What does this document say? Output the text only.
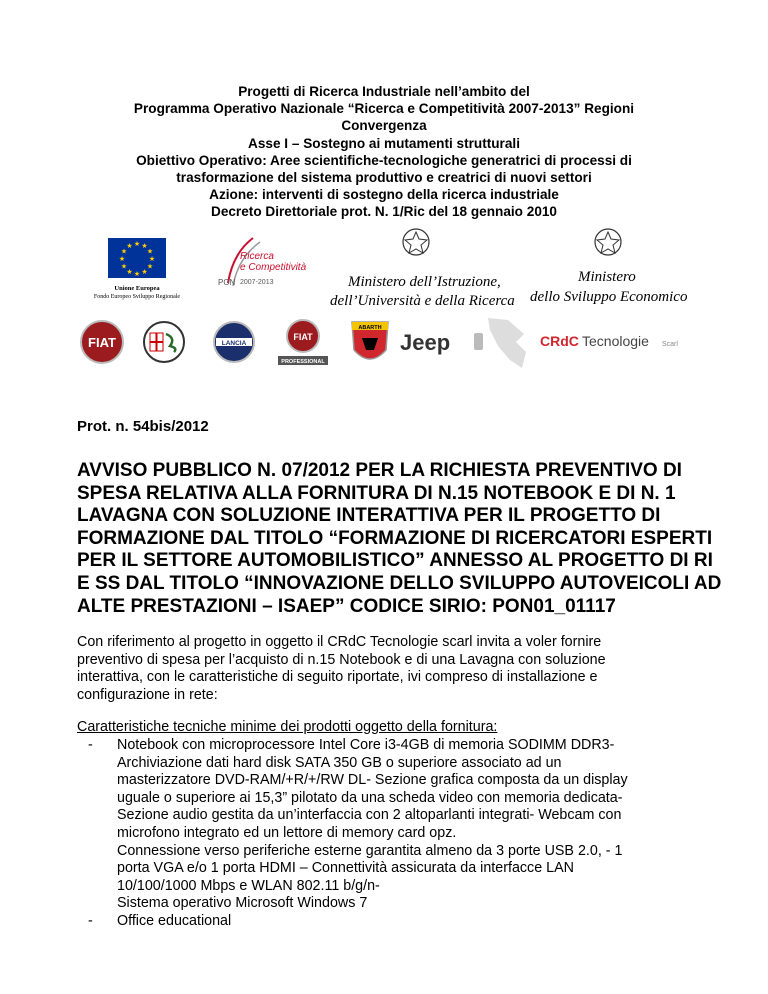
Progetti di Ricerca Industriale nell’ambito del
Programma Operativo Nazionale “Ricerca e Competitività 2007-2013” Regioni
Convergenza
Asse I – Sostegno ai mutamenti strutturali
Obiettivo Operativo: Aree scientifiche-tecnologiche generatrici di processi di
trasformazione del sistema produttivo e creatrici di nuovi settori
Azione: interventi di sostegno della ricerca industriale
Decreto Direttoriale prot. N. 1/Ric del 18 gennaio 2010
★ ★
★
★
★
★
★
★
★
★
★
★
Unione Europea
Fondo Europeo Sviluppo Regionale
Ricerca
e Competitività
PON 2007-2013	Ministero dell’Istruzione,
dell’Università e della Ricerca
Ministero
dello Sviluppo Economico
FIAT	LANCIA
FIAT
PROFESSIONAL
ABARTH
Jeep	CRdC Tecnologie Scarl
Prot. n. 54bis/2012
AVVISO PUBBLICO N. 07/2012 PER LA RICHIESTA PREVENTIVO DI
SPESA RELATIVA ALLA FORNITURA DI N.15 NOTEBOOK E DI N. 1
LAVAGNA CON SOLUZIONE INTERATTIVA PER IL PROGETTO DI
FORMAZIONE DAL TITOLO “FORMAZIONE DI RICERCATORI ESPERTI
PER IL SETTORE AUTOMOBILISTICO” ANNESSO AL PROGETTO DI RI
E SS DAL TITOLO “INNOVAZIONE DELLO SVILUPPO AUTOVEICOLI AD
ALTE PRESTAZIONI – ISAEP” CODICE SIRIO: PON01_01117
Con riferimento al progetto in oggetto il CRdC Tecnologie scarl invita a voler fornire
preventivo di spesa per l’acquisto di n.15 Notebook e di una Lavagna con soluzione
interattiva, con le caratteristiche di seguito riportate, ivi compreso di installazione e
configurazione in rete:
Caratteristiche tecniche minime dei prodotti oggetto della fornitura:
- Notebook con microprocessore Intel Core i3-4GB di memoria SODIMM DDR3-
Archiviazione dati hard disk SATA 350 GB o superiore associato ad un
masterizzatore DVD-RAM/+R/+/RW DL- Sezione grafica composta da un display
uguale o superiore ai 15,3” pilotato da una scheda video con memoria dedicata-
Sezione audio gestita da un’interfaccia con 2 altoparlanti integrati- Webcam con
microfono integrato ed un lettore di memory card opz.
Connessione verso periferiche esterne garantita almeno da 3 porte USB 2.0, - 1
porta VGA e/o 1 porta HDMI – Connettività assicurata da interfacce LAN
10/100/1000 Mbps e WLAN 802.11 b/g/n-
Sistema operativo Microsoft Windows 7
- Office educational
